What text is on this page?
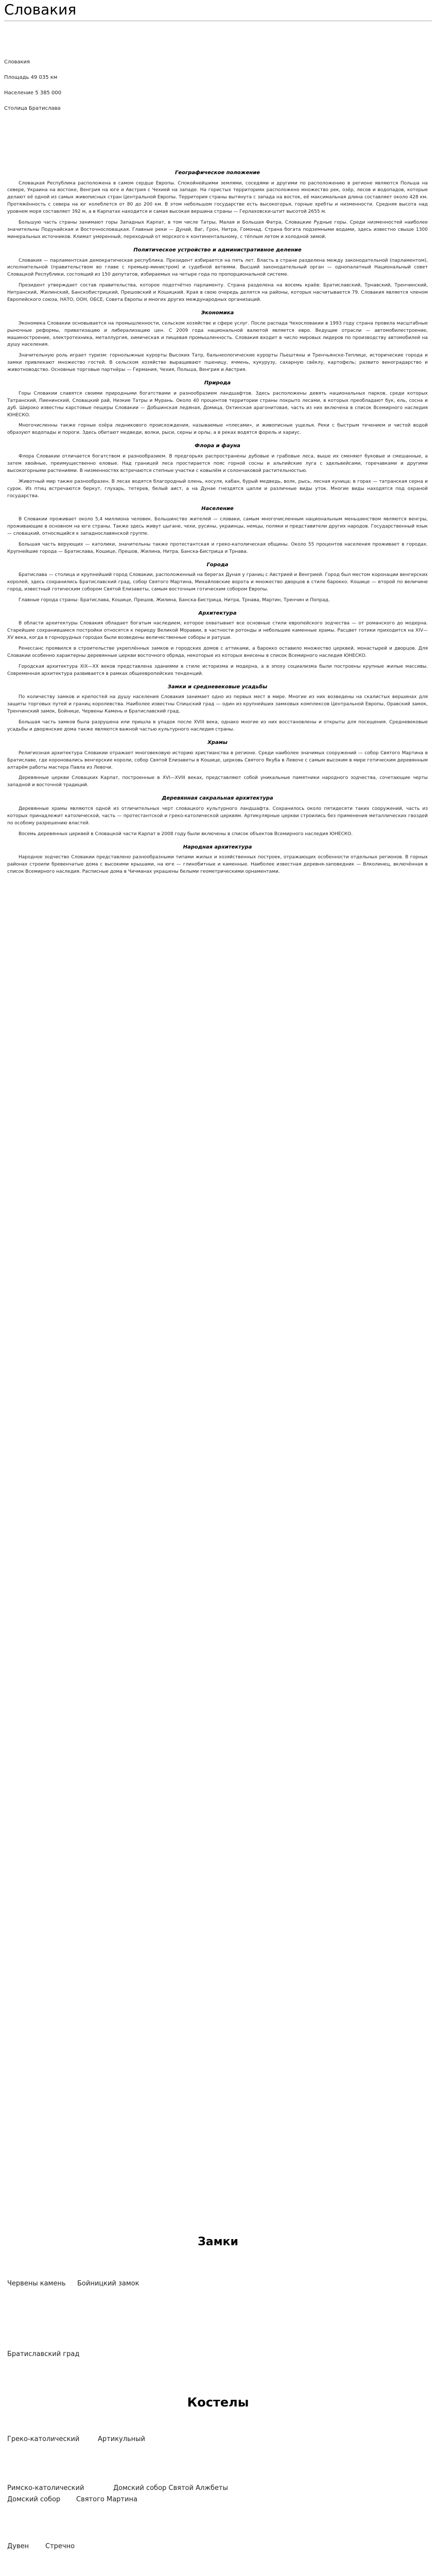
Словакия
Словакия
Площадь 49 035 км
Население 5 385 000
Столица Братислава
Географическое положение

Словацкая Республика расположена в самом сердце Европы. Спокойнейшими землями, соседями и другими по расположению в регионе являются Польша на севере, Украина на востоке, Венгрия на юге и Австрия с Чехией на западе. На гористых территориях расположено множество рек, озёр, лесов и водопадов, которые делают её одной из самых живописных стран Центральной Европы. Территория страны вытянута с запада на восток, её максимальная длина составляет около 428 км. Протяжённость с севера на юг колеблется от 80 до 200 км. В этом небольшом государстве есть высокогорья, горные хребты и низменности. Средняя высота над уровнем моря составляет 392 м, а в Карпатах находится и самая высокая вершина страны — Герлаховски-штит высотой 2655 м.

Большую часть страны занимают горы Западных Карпат, в том числе Татры, Малая и Большая Фатра, Словацкие Рудные горы. Среди низменностей наиболее значительны Подунайская и Восточнословацкая. Главные реки — Дунай, Ваг, Грон, Нитра, Гомонад. Страна богата подземными водами, здесь известно свыше 1300 минеральных источников. Климат умеренный, переходный от морского к континентальному, с тёплым летом и холодной зимой.

Политическое устройство и административное деление

Словакия — парламентская демократическая республика. Президент избирается на пять лет. Власть в стране разделена между законодательной (парламентом), исполнительной (правительством во главе с премьер-министром) и судебной ветвями. Высший законодательный орган — однопалатный Национальный совет Словацкой Республики, состоящий из 150 депутатов, избираемых на четыре года по пропорциональной системе.

Президент утверждает состав правительства, которое подотчётно парламенту. Страна разделена на восемь краёв: Братиславский, Трнавский, Тренчинский, Нитранский, Жилинский, Банскобистрицкий, Прешовский и Кошицкий. Края в свою очередь делятся на районы, которых насчитывается 79. Словакия является членом Европейского союза, НАТО, ООН, ОБСЕ, Совета Европы и многих других международных организаций.

Экономика

Экономика Словакии основывается на промышленности, сельском хозяйстве и сфере услуг. После распада Чехословакии в 1993 году страна провела масштабные рыночные реформы, приватизацию и либерализацию цен. С 2009 года национальной валютой является евро. Ведущие отрасли — автомобилестроение, машиностроение, электротехника, металлургия, химическая и пищевая промышленность. Словакия входит в число мировых лидеров по производству автомобилей на душу населения.

Значительную роль играет туризм: горнолыжные курорты Высоких Татр, бальнеологические курорты Пьештяны и Тренчьянске-Теплице, исторические города и замки привлекают множество гостей. В сельском хозяйстве выращивают пшеницу, ячмень, кукурузу, сахарную свёклу, картофель; развито виноградарство и животноводство. Основные торговые партнёры — Германия, Чехия, Польша, Венгрия и Австрия.

Природа

Горы Словакии славятся своими природными богатствами и разнообразием ландшафтов. Здесь расположены девять национальных парков, среди которых Татранский, Пиенинский, Словацкий рай, Низкие Татры и Мурань. Около 40 процентов территории страны покрыто лесами, в которых преобладают бук, ель, сосна и дуб. Широко известны карстовые пещеры Словакии — Добшинская ледяная, Домица, Охтинская арагонитовая, часть из них включена в список Всемирного наследия ЮНЕСКО.

Многочисленны также горные озёра ледникового происхождения, называемые «плесами», и живописные ущелья. Реки с быстрым течением и чистой водой образуют водопады и пороги. Здесь обитают медведи, волки, рыси, серны и орлы, а в реках водятся форель и хариус.

Флора и фауна

Флора Словакии отличается богатством и разнообразием. В предгорьях распространены дубовые и грабовые леса, выше их сменяют буковые и смешанные, а затем хвойные, преимущественно еловые. Над границей леса простирается пояс горной сосны и альпийские луга с эдельвейсами, горечавками и другими высокогорными растениями. В низменностях встречаются степные участки с ковылём и солончаковой растительностью.

Животный мир также разнообразен. В лесах водятся благородный олень, косуля, кабан, бурый медведь, волк, рысь, лесная куница; в горах — татранская серна и сурок. Из птиц встречаются беркут, глухарь, тетерев, белый аист, а на Дунае гнездятся цапли и различные виды уток. Многие виды находятся под охраной государства.

Население

В Словакии проживает около 5,4 миллиона человек. Большинство жителей — словаки, самым многочисленным национальным меньшинством являются венгры, проживающие в основном на юге страны. Также здесь живут цыгане, чехи, русины, украинцы, немцы, поляки и представители других народов. Государственный язык — словацкий, относящийся к западнославянской группе.

Большая часть верующих — католики, значительны также протестантская и греко-католическая общины. Около 55 процентов населения проживает в городах. Крупнейшие города — Братислава, Кошице, Прешов, Жилина, Нитра, Банска-Бистрица и Трнава.

Города

Братислава — столица и крупнейший город Словакии, расположенный на берегах Дуная у границ с Австрией и Венгрией. Город был местом коронации венгерских королей, здесь сохранились Братиславский град, собор Святого Мартина, Михайловские ворота и множество дворцов в стиле барокко. Кошице — второй по величине город, известный готическим собором Святой Елизаветы, самым восточным готическим собором Европы.

Главные города страны: Братислава, Кошице, Прешов, Жилина, Банска-Бистрица, Нитра, Трнава, Мартин, Тренчин и Попрад.

Архитектура

В области архитектуры Словакия обладает богатым наследием, которое охватывает все основные стили европейского зодчества — от романского до модерна. Старейшие сохранившиеся постройки относятся к периоду Великой Моравии, в частности ротонды и небольшие каменные храмы. Расцвет готики приходится на XIV—XV века, когда в горнорудных городах были возведены величественные соборы и ратуши.

Ренессанс проявился в строительстве укреплённых замков и городских домов с аттиками, а барокко оставило множество церквей, монастырей и дворцов. Для Словакии особенно характерны деревянные церкви восточного обряда, некоторые из которых внесены в список Всемирного наследия ЮНЕСКО.

Городская архитектура XIX—XX веков представлена зданиями в стиле историзма и модерна, а в эпоху социализма были построены крупные жилые массивы. Современная архитектура развивается в рамках общеевропейских тенденций.

Замки и средневековые усадьбы

По количеству замков и крепостей на душу населения Словакия занимает одно из первых мест в мире. Многие из них возведены на скалистых вершинах для защиты торговых путей и границ королевства. Наиболее известны Спишский град — один из крупнейших замковых комплексов Центральной Европы, Оравский замок, Тренчинский замок, Бойнице, Червены Камень и Братиславский град.

Большая часть замков была разрушена или пришла в упадок после XVIII века, однако многие из них восстановлены и открыты для посещения. Средневековые усадьбы и дворянские дома также являются важной частью культурного наследия страны.

Храмы

Религиозная архитектура Словакии отражает многовековую историю христианства в регионе. Среди наиболее значимых сооружений — собор Святого Мартина в Братиславе, где короновались венгерские короли, собор Святой Елизаветы в Кошице, церковь Святого Якуба в Левоче с самым высоким в мире готическим деревянным алтарём работы мастера Павла из Левочи.

Деревянные церкви Словацких Карпат, построенные в XVI—XVIII веках, представляют собой уникальные памятники народного зодчества, сочетающие черты западной и восточной традиций.

Деревянная сакральная архитектура

Деревянные храмы являются одной из отличительных черт словацкого культурного ландшафта. Сохранилось около пятидесяти таких сооружений, часть из которых принадлежит католической, часть — протестантской и греко-католической церквям. Артикулярные церкви строились без применения металлических гвоздей по особому разрешению властей.

Восемь деревянных церквей в Словацкой части Карпат в 2008 году были включены в список объектов Всемирного наследия ЮНЕСКО.

Народная архитектура

Народное зодчество Словакии представлено разнообразными типами жилых и хозяйственных построек, отражающих особенности отдельных регионов. В горных районах строили бревенчатые дома с высокими крышами, на юге — глинобитные и каменные. Наиболее известная деревня-заповедник — Влколинец, включённая в список Всемирного наследия. Расписные дома в Чичманах украшены белыми геометрическими орнаментами.

Замки
Червены камень Бойницкий замок
Братиславский град
Костелы
Греко-католический	Артикульный
Римско-католический	Домский собор Святой Алжбеты
Домский собор Святого Мартина
Дувен Стречно
